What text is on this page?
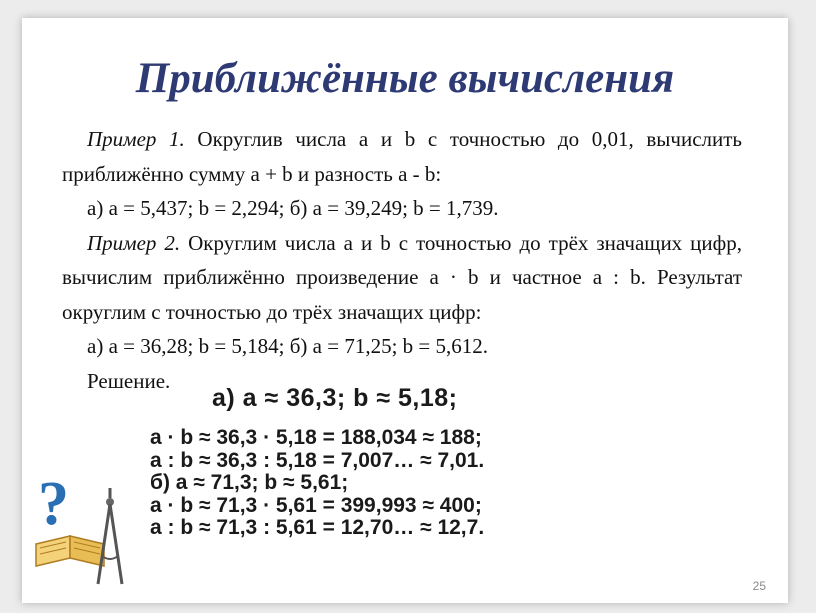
Приближённые вычисления

Пример 1. Округлив числа a и b с точностью до 0,01, вычислить приближённо сумму a + b и разность a - b:

а) a = 5,437; b = 2,294; б) a = 39,249; b = 1,739.

Пример 2. Округлим числа a и b с точностью до трёх значащих цифр, вычислим приближённо произведение a · b и частное a : b. Результат округлим с точностью до трёх значащих цифр:

а) a = 36,28; b = 5,184; б) a = 71,25; b = 5,612.

Решение.

а) a ≈ 36,3; b ≈ 5,18;
a · b ≈ 36,3 · 5,18 = 188,034 ≈ 188;
a : b ≈ 36,3 : 5,18 = 7,007… ≈ 7,01.
б) a ≈ 71,3; b ≈ 5,61;
a · b ≈ 71,3 · 5,61 = 399,993 ≈ 400;
a : b ≈ 71,3 : 5,61 = 12,70… ≈ 12,7.
?
25
